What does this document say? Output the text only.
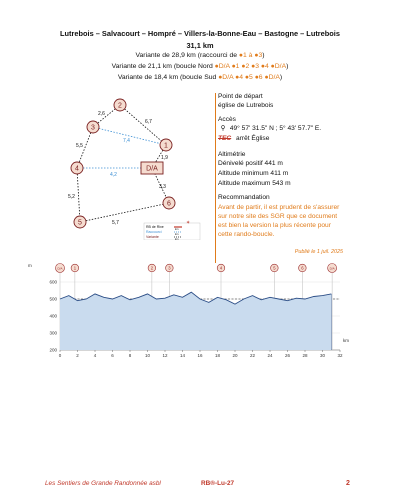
Lutrebois – Salvacourt – Hompré – Villers-la-Bonne-Eau – Bastogne – Lutrebois
31,1 km
Variante de 28,9 km (raccourci de ●1 à ●3)
Variante de 21,1 km (boucle Nord ●D/A ●1 ●2 ●3 ●4 ●D/A)
Variante de 18,4 km (boucle Sud ●D/A ●4 ●5 ●6 ●D/A)
2,6
6,7
7,4
5,5
1,9
4,2
3,3
5,2
5,7
2
3
1
4	D/A
6
5
RB de Rixe
Raccourci
Variante
km
km
km
✶
Point de départ
église de Lutrebois
Accès
⚲ 49° 57' 31.5" N ; 5° 43' 57.7" E.
TEC arrêt Église
Altimétrie
Dénivelé positif 441 m
Altitude minimum 411 m
Altitude maximum 543 m
Recommandation
Avant de partir, il est prudent de s'assurer
sur notre site des SGR que ce document
est bien la version la plus récente pour
cette rando-boucle.
Publié le 1 juil. 2025
D/A	1	2	3	4	5	6	D/A
200
300
400
500
600
0	2	4	6	8	10	12	14	16	18	20	22	24	26	28	30	32
m
km
Les Sentiers de Grande Randonnée asbl	RB®-Lu-27	2
